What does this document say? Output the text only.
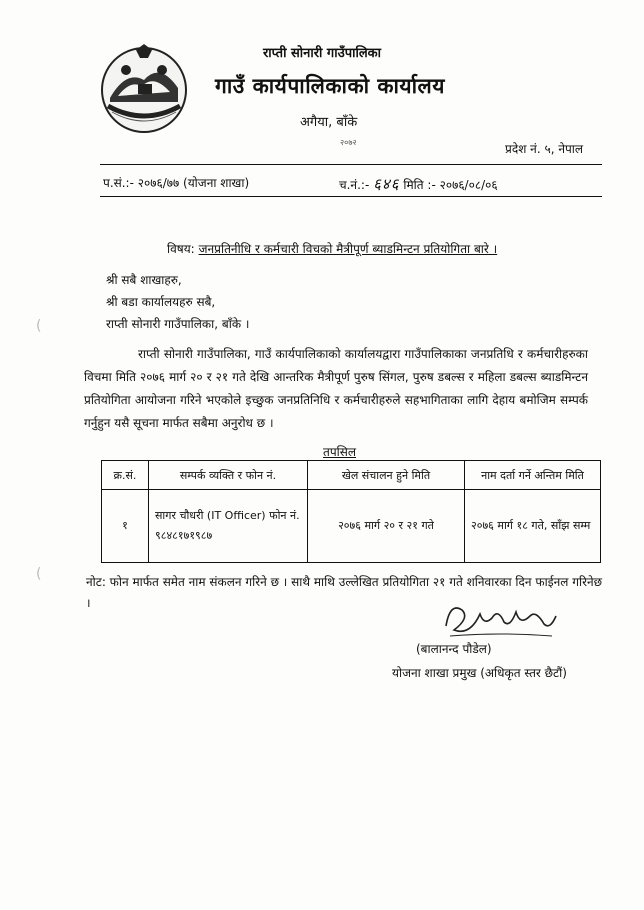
राप्ती सोनारी गाउँपालिका
गाउँ कार्यपालिकाको कार्यालय
अगैया, बाँके
२०७२	प्रदेश नं. ५, नेपाल
प.सं.:- २०७६/७७ (योजना शाखा)	च.नं.:- ६४६ मिति :- २०७६/०८/०६
विषय: जनप्रतिनीधि र कर्मचारी विचको मैत्रीपूर्ण ब्याडमिन्टन प्रतियोगिता बारे ।
श्री सबै शाखाहरु,
श्री बडा कार्यालयहरु सबै,
राप्ती सोनारी गाउँपालिका, बाँके ।
राप्ती सोनारी गाउँपालिका, गाउँ कार्यपालिकाको कार्यालयद्वारा गाउँपालिकाका जनप्रतिधि र कर्मचारीहरुका विचमा मिति २०७६ मार्ग २० र २१ गते देखि आन्तरिक मैत्रीपूर्ण पुरुष सिंगल, पुरुष डबल्स र महिला डबल्स ब्याडमिन्टन प्रतियोगिता आयोजना गरिने भएकोले इच्छुक जनप्रतिनिधि र कर्मचारीहरुले सहभागिताका लागि देहाय बमोजिम सम्पर्क गर्नुहुन यसै सूचना मार्फत सबैमा अनुरोध छ ।
तपसिल
क्र.सं.	सम्पर्क व्यक्ति र फोन नं.	खेल संचालन हुने मिति	नाम दर्ता गर्ने अन्तिम मिति
१	सागर चौधरी (IT Officer) फोन नं. ९८४८१७१९८७	२०७६ मार्ग २० र २१ गते	२०७६ मार्ग १८ गते, साँझ सम्म
नोट: फोन मार्फत समेत नाम संकलन गरिने छ । साथै माथि उल्लेखित प्रतियोगिता २१ गते शनिवारका दिन फाईनल गरिनेछ ।
(बालानन्द पौडेल)
योजना शाखा प्रमुख (अधिकृत स्तर छैटौं)
(
(
